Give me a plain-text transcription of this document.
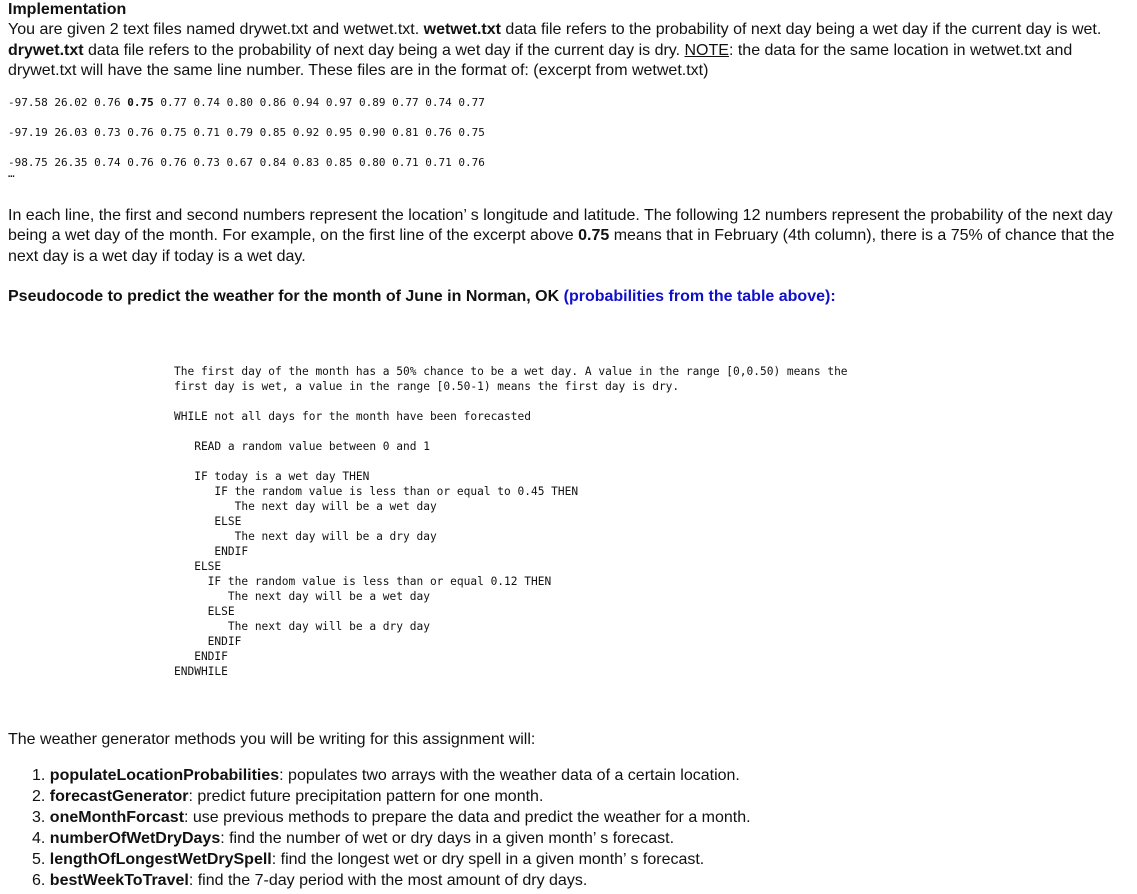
Implementation

You are given 2 text files named drywet.txt and wetwet.txt. wetwet.txt data file refers to the probability of next day being a wet day if the current day is wet. drywet.txt data file refers to the probability of next day being a wet day if the current day is dry. NOTE: the data for the same location in wetwet.txt and drywet.txt will have the same line number. These files are in the format of: (excerpt from wetwet.txt)

-97.58 26.02 0.76 0.75 0.77 0.74 0.80 0.86 0.94 0.97 0.89 0.77 0.74 0.77
-97.19 26.03 0.73 0.76 0.75 0.71 0.79 0.85 0.92 0.95 0.90 0.81 0.76 0.75
-98.75 26.35 0.74 0.76 0.76 0.73 0.67 0.84 0.83 0.85 0.80 0.71 0.71 0.76
…

In each line, the first and second numbers represent the location’ s longitude and latitude. The following 12 numbers represent the probability of the next day being a wet day of the month. For example, on the first line of the excerpt above 0.75 means that in February (4th column), there is a 75% of chance that the next day is a wet day if today is a wet day.

Pseudocode to predict the weather for the month of June in Norman, OK (probabilities from the table above):
The first day of the month has a 50% chance to be a wet day. A value in the range [0,0.50) means the
first day is wet, a value in the range [0.50-1) means the first day is dry.

WHILE not all days for the month have been forecasted

READ a random value between 0 and 1

IF today is a wet day THEN
IF the random value is less than or equal to 0.45 THEN
The next day will be a wet day
ELSE
The next day will be a dry day
ENDIF
ELSE
IF the random value is less than or equal 0.12 THEN
The next day will be a wet day
ELSE
The next day will be a dry day
ENDIF
ENDIF
ENDWHILE
The weather generator methods you will be writing for this assignment will:
1. populateLocationProbabilities: populates two arrays with the weather data of a certain location.
2. forecastGenerator: predict future precipitation pattern for one month.
3. oneMonthForcast: use previous methods to prepare the data and predict the weather for a month.
4. numberOfWetDryDays: find the number of wet or dry days in a given month’ s forecast.
5. lengthOfLongestWetDrySpell: find the longest wet or dry spell in a given month’ s forecast.
6. bestWeekToTravel: find the 7-day period with the most amount of dry days.
